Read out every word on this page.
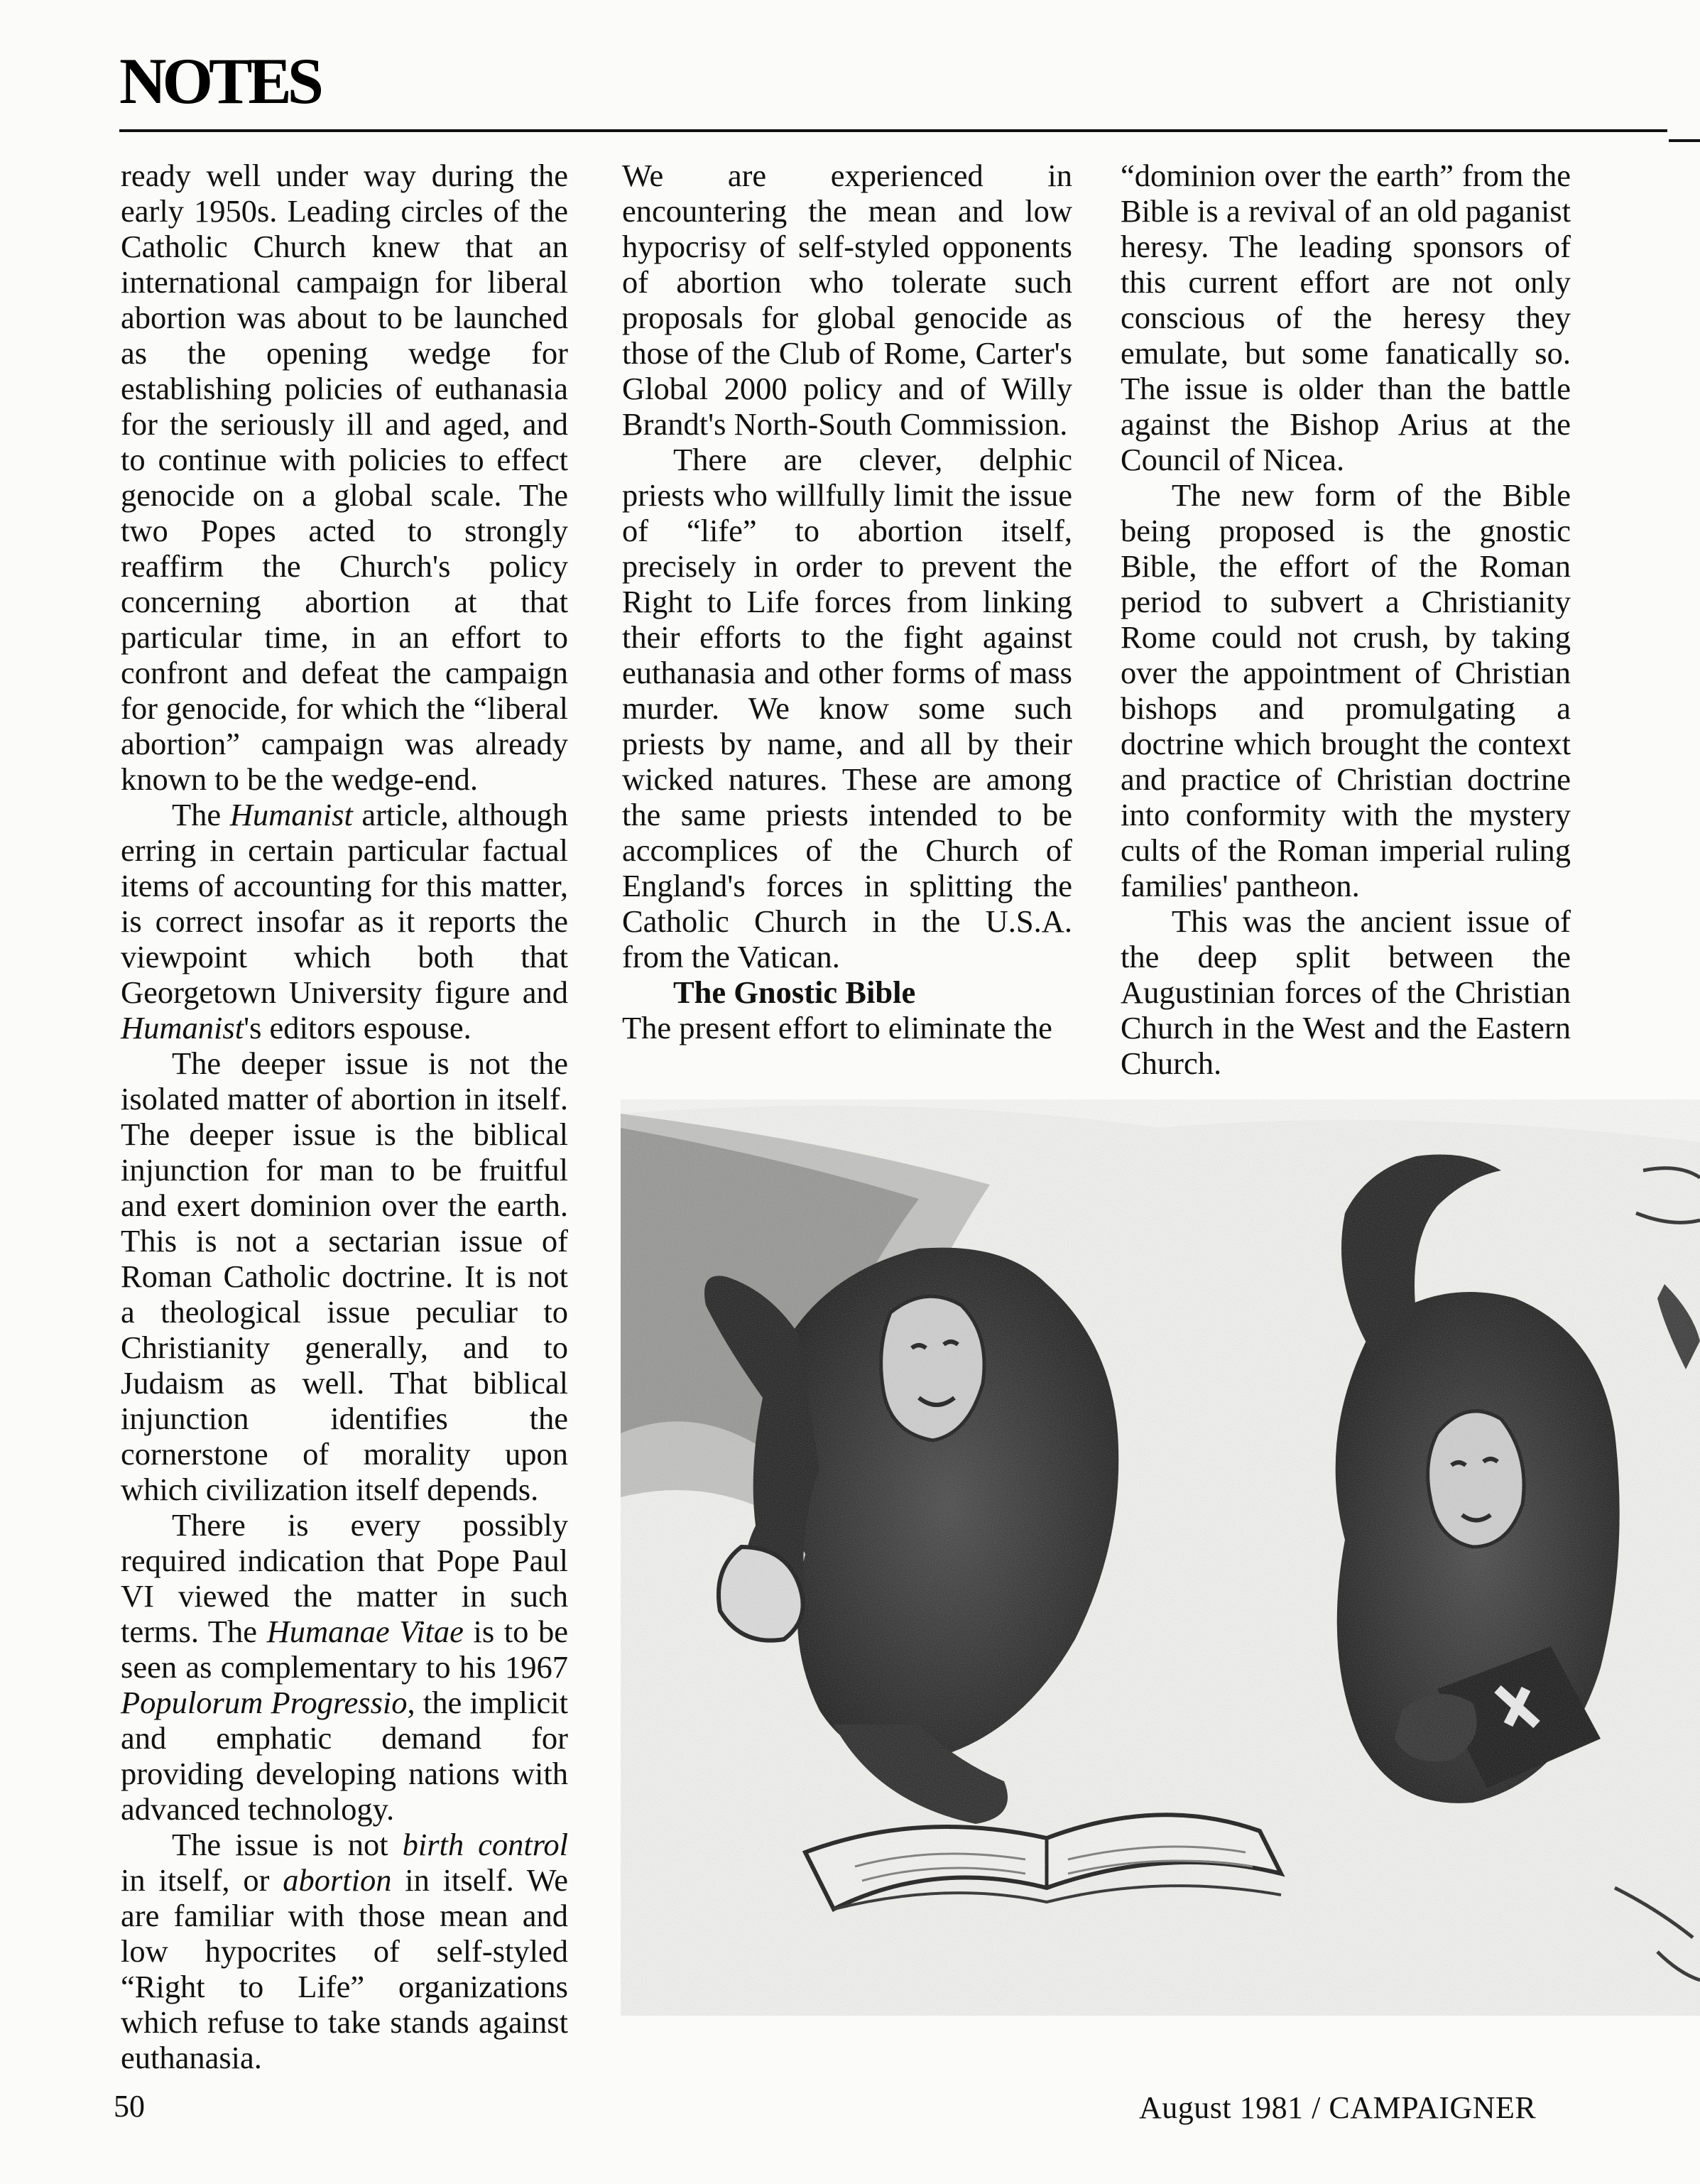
NOTES

ready well under way during the early 1950s. Leading circles of the Catholic Church knew that an international campaign for liberal abortion was about to be launched as the opening wedge for establishing policies of euthanasia for the seriously ill and aged, and to continue with policies to effect genocide on a global scale. The two Popes acted to strongly reaffirm the Church's policy concerning abortion at that particular time, in an effort to confront and defeat the campaign for genocide, for which the “liberal abortion” campaign was already known to be the wedge-end.

The Humanist article, although erring in certain particular factual items of accounting for this matter, is correct insofar as it reports the viewpoint which both that Georgetown University figure and Humanist's editors espouse.

The deeper issue is not the isolated matter of abortion in itself. The deeper issue is the biblical injunction for man to be fruitful and exert dominion over the earth. This is not a sectarian issue of Roman Catholic doctrine. It is not a theological issue peculiar to Christianity generally, and to Judaism as well. That biblical injunction identifies the cornerstone of morality upon which civilization itself depends.

There is every possibly required indication that Pope Paul VI viewed the matter in such terms. The Humanae Vitae is to be seen as complementary to his 1967 Populorum Progressio, the implicit and emphatic demand for providing developing nations with advanced technology.

The issue is not birth control in itself, or abortion in itself. We are familiar with those mean and low hypocrites of self-styled “Right to Life” organizations which refuse to take stands against euthanasia.

We are experienced in encountering the mean and low hypocrisy of self-styled opponents of abortion who tolerate such proposals for global genocide as those of the Club of Rome, Carter's Global 2000 policy and of Willy Brandt's North-South Commission.

There are clever, delphic priests who willfully limit the issue of “life” to abortion itself, precisely in order to prevent the Right to Life forces from linking their efforts to the fight against euthanasia and other forms of mass murder. We know some such priests by name, and all by their wicked natures. These are among the same priests intended to be accomplices of the Church of England's forces in splitting the Catholic Church in the U.S.A. from the Vatican.

The Gnostic Bible

The present effort to eliminate the

“dominion over the earth” from the Bible is a revival of an old paganist heresy. The leading sponsors of this current effort are not only conscious of the heresy they emulate, but some fanatically so. The issue is older than the battle against the Bishop Arius at the Council of Nicea.

The new form of the Bible being proposed is the gnostic Bible, the effort of the Roman period to subvert a Christianity Rome could not crush, by taking over the appointment of Christian bishops and promulgating a doctrine which brought the context and practice of Christian doctrine into conformity with the mystery cults of the Roman imperial ruling families' pantheon.

This was the ancient issue of the deep split between the Augustinian forces of the Christian Church in the West and the Eastern Church.

50	August 1981 / CAMPAIGNER
